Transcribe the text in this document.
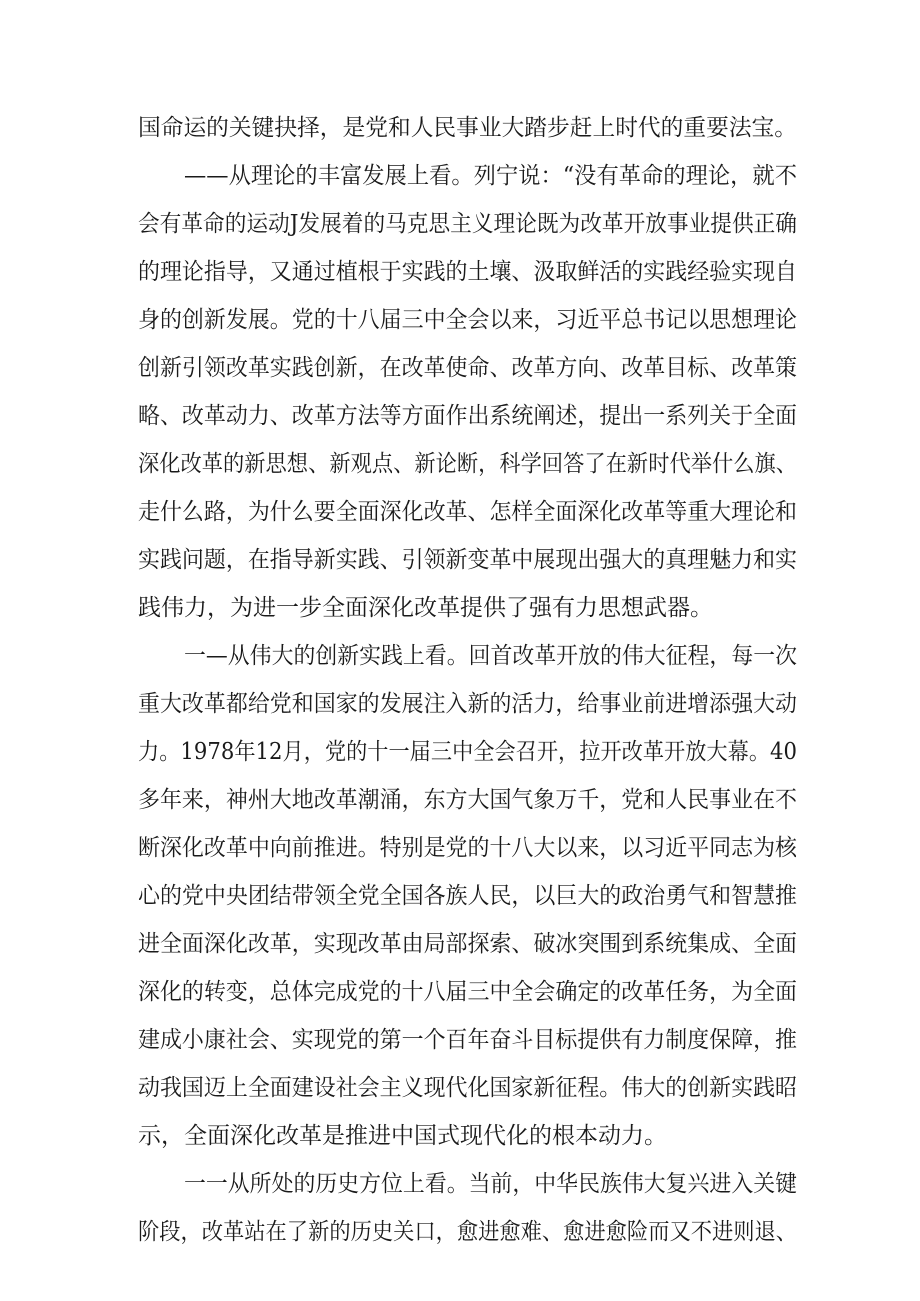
国命运的关键抉择，是党和人民事业大踏步赶上时代的重要法宝。
——从理论的丰富发展上看。列宁说：“没有革命的理论，就不
会有革命的运动J发展着的马克思主义理论既为改革开放事业提供正确
的理论指导，又通过植根于实践的土壤、汲取鲜活的实践经验实现自
身的创新发展。党的十八届三中全会以来，习近平总书记以思想理论
创新引领改革实践创新，在改革使命、改革方向、改革目标、改革策
略、改革动力、改革方法等方面作出系统阐述，提出一系列关于全面
深化改革的新思想、新观点、新论断，科学回答了在新时代举什么旗、
走什么路，为什么要全面深化改革、怎样全面深化改革等重大理论和
实践问题，在指导新实践、引领新变革中展现出强大的真理魅力和实
践伟力，为进一步全面深化改革提供了强有力思想武器。
一—从伟大的创新实践上看。回首改革开放的伟大征程，每一次
重大改革都给党和国家的发展注入新的活力，给事业前进增添强大动
力。1978年12月，党的十一届三中全会召开，拉开改革开放大幕。40
多年来，神州大地改革潮涌，东方大国气象万千，党和人民事业在不
断深化改革中向前推进。特别是党的十八大以来，以习近平同志为核
心的党中央团结带领全党全国各族人民，以巨大的政治勇气和智慧推
进全面深化改革，实现改革由局部探索、破冰突围到系统集成、全面
深化的转变，总体完成党的十八届三中全会确定的改革任务，为全面
建成小康社会、实现党的第一个百年奋斗目标提供有力制度保障，推
动我国迈上全面建设社会主义现代化国家新征程。伟大的创新实践昭
示，全面深化改革是推进中国式现代化的根本动力。
一一从所处的历史方位上看。当前，中华民族伟大复兴进入关键
阶段，改革站在了新的历史关口，愈进愈难、愈进愈险而又不进则退、
